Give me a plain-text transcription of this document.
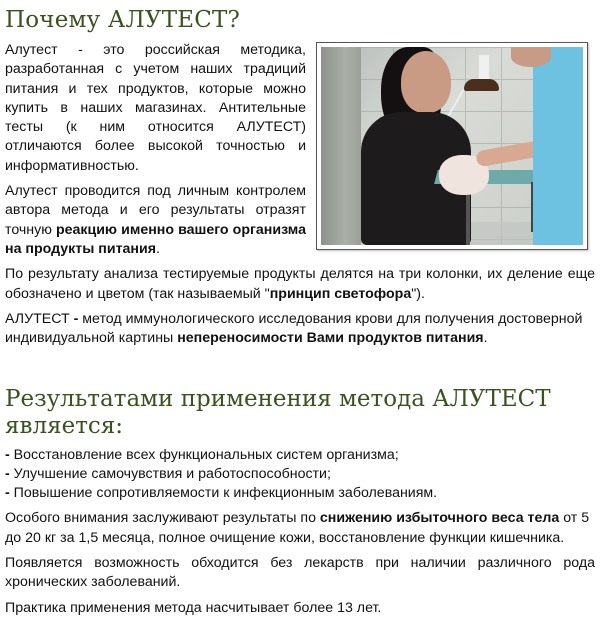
Почему АЛУТЕСТ?

Алутест - это российская методика, разработанная с учетом наших традиций питания и тех продуктов, которые можно купить в наших магазинах. Антительные тесты (к ним относится АЛУТЕСТ) отличаются более высокой точностью и информативностью.

Алутест проводится под личным контролем автора метода и его результаты отразят точную реакцию именно вашего организма на продукты питания.

По результату анализа тестируемые продукты делятся на три колонки, их деление еще обозначено и цветом (так называемый "принцип светофора").

АЛУТЕСТ - метод иммунологического исследования крови для получения достоверной индивидуальной картины непереносимости Вами продуктов питания.

Результатами применения метода АЛУТЕСТ является:
- Восстановление всех функциональных систем организма;
- Улучшение самочувствия и работоспособности;
- Повышение сопротивляемости к инфекционным заболеваниям.

Особого внимания заслуживают результаты по снижению избыточного веса тела от 5 до 20 кг за 1,5 месяца, полное очищение кожи, восстановление функции кишечника.

Появляется возможность обходится без лекарств при наличии различного рода хронических заболеваний.

Практика применения метода насчитывает более 13 лет.
